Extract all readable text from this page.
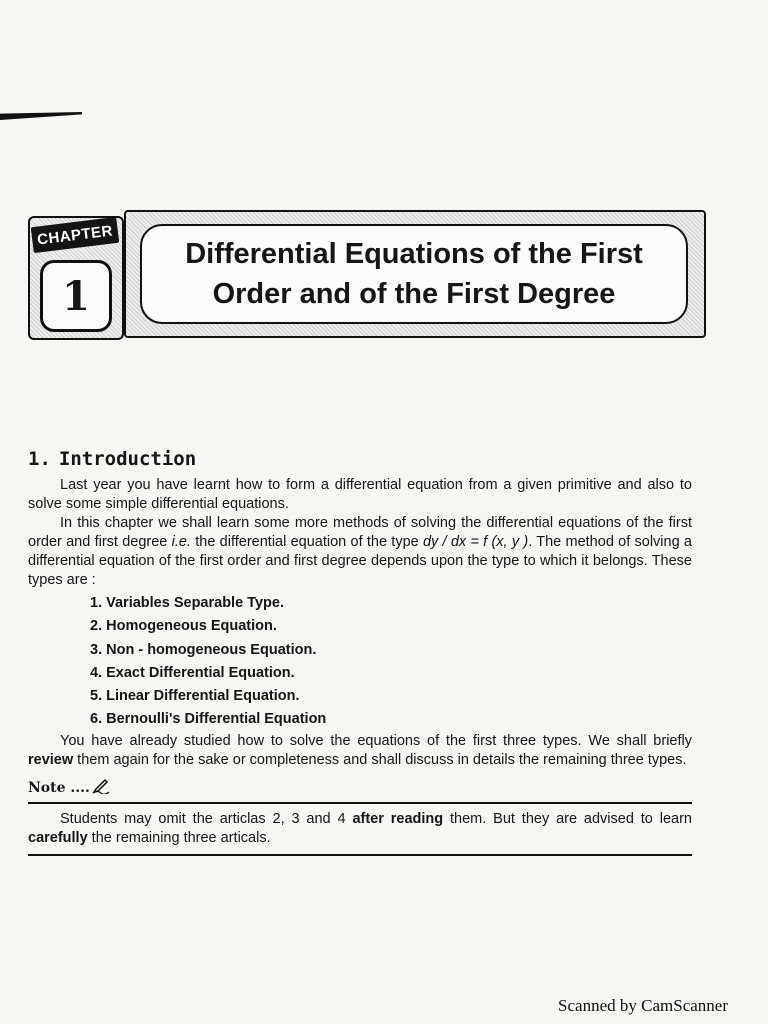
CHAPTER
1
Differential Equations of the First
Order and of the First Degree
1. Introduction

Last year you have learnt how to form a differential equation from a given primitive and also to solve some simple differential equations.

In this chapter we shall learn some more methods of solving the differential equations of the first order and first degree i.e. the differential equation of the type dy / dx = f (x, y ). The method of solving a differential equation of the first order and first degree depends upon the type to which it belongs. These types are :

1. Variables Separable Type.
2. Homogeneous Equation.
3. Non - homogeneous Equation.
4. Exact Differential Equation.
5. Linear Differential Equation.
6. Bernoulli's Differential Equation

You have already studied how to solve the equations of the first three types. We shall briefly review them again for the sake or completeness and shall discuss in details the remaining three types.

Note ....

Students may omit the articlas 2, 3 and 4 after reading them. But they are advised to learn carefully the remaining three articals.

Scanned by CamScanner
